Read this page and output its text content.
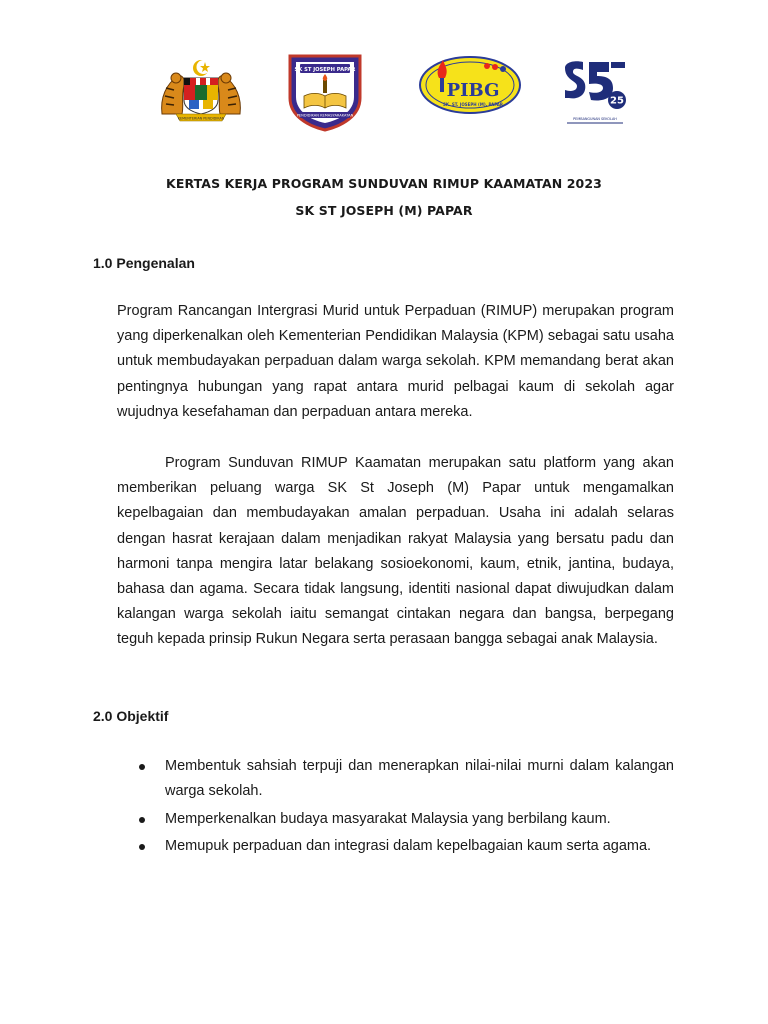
KEMENTERIAN PENDIDIKAN
SK ST JOSEPH PAPAR
PENDIDIKAN KEMASYARAKATAN
PIBG
SK. ST. JOSEPH (M), PAPAR	25
PEMBANGUNAN SEKOLAH
KERTAS KERJA PROGRAM SUNDUVAN RIMUP KAAMATAN 2023
SK ST JOSEPH (M) PAPAR
1.0 Pengenalan

Program Rancangan Intergrasi Murid untuk Perpaduan (RIMUP) merupakan program yang diperkenalkan oleh Kementerian Pendidikan Malaysia (KPM) sebagai satu usaha untuk membudayakan perpaduan dalam warga sekolah. KPM memandang berat akan pentingnya hubungan yang rapat antara murid pelbagai kaum di sekolah agar wujudnya kesefahaman dan perpaduan antara mereka.

Program Sunduvan RIMUP Kaamatan merupakan satu platform yang akan memberikan peluang warga SK St Joseph (M) Papar untuk mengamalkan kepelbagaian dan membudayakan amalan perpaduan. Usaha ini adalah selaras dengan hasrat kerajaan dalam menjadikan rakyat Malaysia yang bersatu padu dan harmoni tanpa mengira latar belakang sosioekonomi, kaum, etnik, jantina, budaya, bahasa dan agama. Secara tidak langsung, identiti nasional dapat diwujudkan dalam kalangan warga sekolah iaitu semangat cintakan negara dan bangsa, berpegang teguh kepada prinsip Rukun Negara serta perasaan bangga sebagai anak Malaysia.

2.0 Objektif
Membentuk sahsiah terpuji dan menerapkan nilai-nilai murni dalam kalangan warga sekolah.
Memperkenalkan budaya masyarakat Malaysia yang berbilang kaum.
Memupuk perpaduan dan integrasi dalam kepelbagaian kaum serta agama.
